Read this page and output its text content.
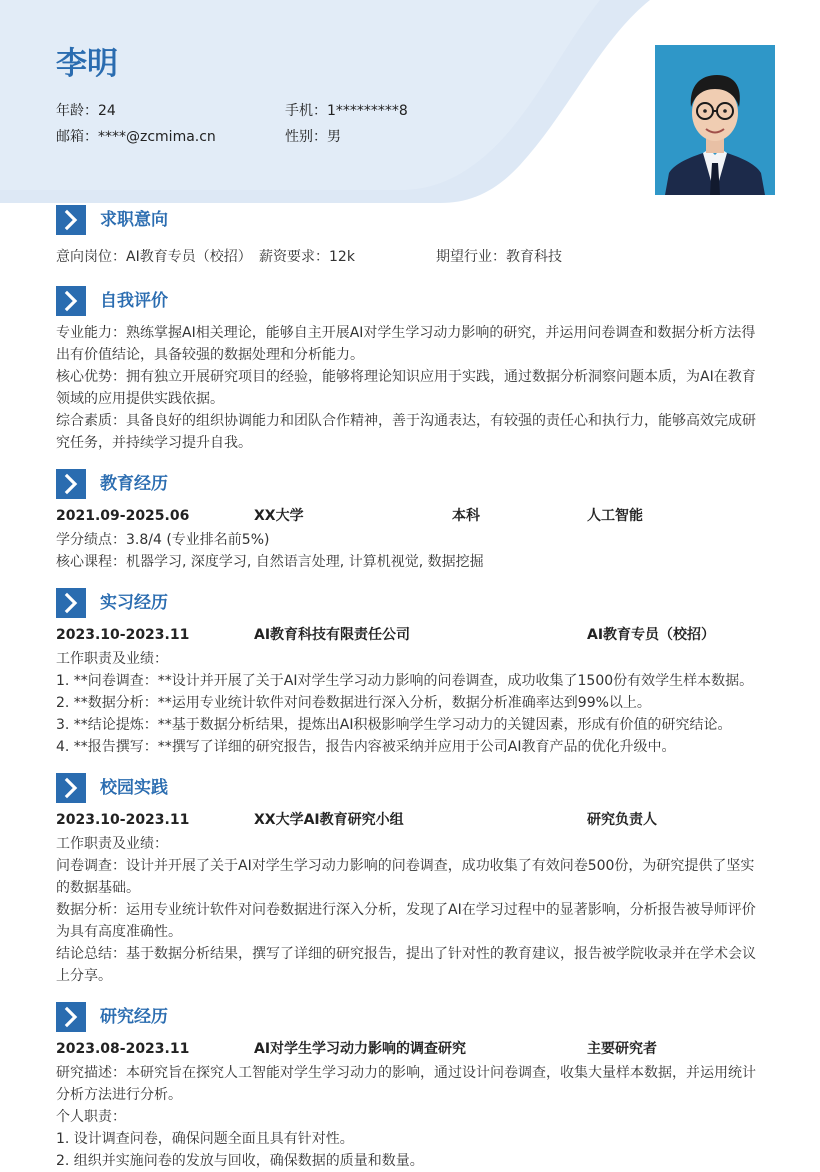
李明
年龄：24	手机：1*********8
邮箱：****@zcmima.cn	性别：男
求职意向
意向岗位：AI教育专员（校招） 薪资要求：12k	期望行业：教育科技
自我评价
专业能力：熟练掌握AI相关理论，能够自主开展AI对学生学习动力影响的研究，并运用问卷调查和数据分析方法得
出有价值结论，具备较强的数据处理和分析能力。
核心优势：拥有独立开展研究项目的经验，能够将理论知识应用于实践，通过数据分析洞察问题本质，为AI在教育
领域的应用提供实践依据。
综合素质：具备良好的组织协调能力和团队合作精神，善于沟通表达，有较强的责任心和执行力，能够高效完成研
究任务，并持续学习提升自我。
教育经历
2021.09-2025.06	XX大学	本科	人工智能
学分绩点：3.8/4 (专业排名前5%)
核心课程：机器学习, 深度学习, 自然语言处理, 计算机视觉, 数据挖掘
实习经历
2023.10-2023.11	AI教育科技有限责任公司	AI教育专员（校招）
工作职责及业绩：
1. **问卷调查：**设计并开展了关于AI对学生学习动力影响的问卷调查，成功收集了1500份有效学生样本数据。
2. **数据分析：**运用专业统计软件对问卷数据进行深入分析，数据分析准确率达到99%以上。
3. **结论提炼：**基于数据分析结果，提炼出AI积极影响学生学习动力的关键因素，形成有价值的研究结论。
4. **报告撰写：**撰写了详细的研究报告，报告内容被采纳并应用于公司AI教育产品的优化升级中。
校园实践
2023.10-2023.11	XX大学AI教育研究小组	研究负责人
工作职责及业绩：
问卷调查：设计并开展了关于AI对学生学习动力影响的问卷调查，成功收集了有效问卷500份，为研究提供了坚实
的数据基础。
数据分析：运用专业统计软件对问卷数据进行深入分析，发现了AI在学习过程中的显著影响，分析报告被导师评价
为具有高度准确性。
结论总结：基于数据分析结果，撰写了详细的研究报告，提出了针对性的教育建议，报告被学院收录并在学术会议
上分享。
研究经历
2023.08-2023.11	AI对学生学习动力影响的调查研究	主要研究者
研究描述：本研究旨在探究人工智能对学生学习动力的影响，通过设计问卷调查，收集大量样本数据，并运用统计
分析方法进行分析。
个人职责：
1. 设计调查问卷，确保问题全面且具有针对性。
2. 组织并实施问卷的发放与回收，确保数据的质量和数量。
